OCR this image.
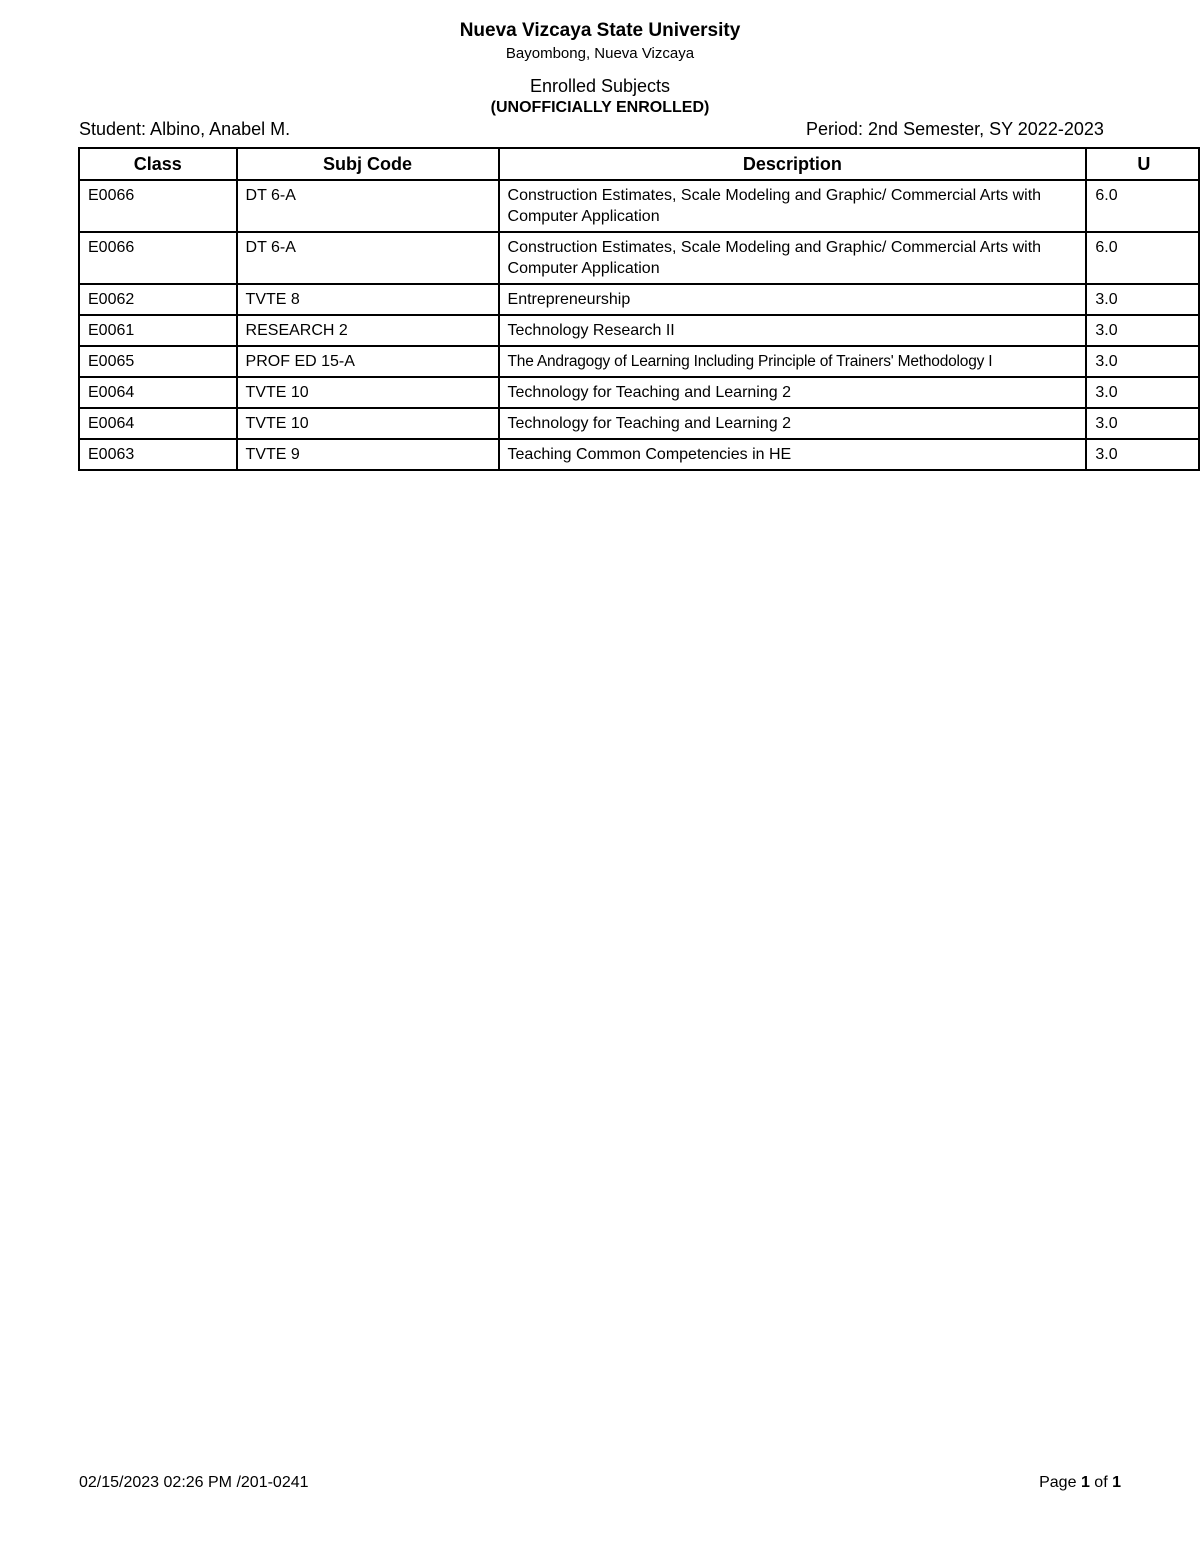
Nueva Vizcaya State University
Bayombong, Nueva Vizcaya
Enrolled Subjects
(UNOFFICIALLY ENROLLED)
Student: Albino, Anabel M.	Period: 2nd Semester, SY 2022-2023
Class	Subj Code	Description	U
E0066	DT 6-A	Construction Estimates, Scale Modeling and Graphic/ Commercial Arts with Computer Application	6.0
E0066	DT 6-A	Construction Estimates, Scale Modeling and Graphic/ Commercial Arts with Computer Application	6.0
E0062	TVTE 8	Entrepreneurship	3.0
E0061	RESEARCH 2	Technology Research II	3.0
E0065	PROF ED 15-A	The Andragogy of Learning Including Principle of Trainers' Methodology I	3.0
E0064	TVTE 10	Technology for Teaching and Learning 2	3.0
E0064	TVTE 10	Technology for Teaching and Learning 2	3.0
E0063	TVTE 9	Teaching Common Competencies in HE	3.0
02/15/2023 02:26 PM /201-0241	Page 1 of 1
